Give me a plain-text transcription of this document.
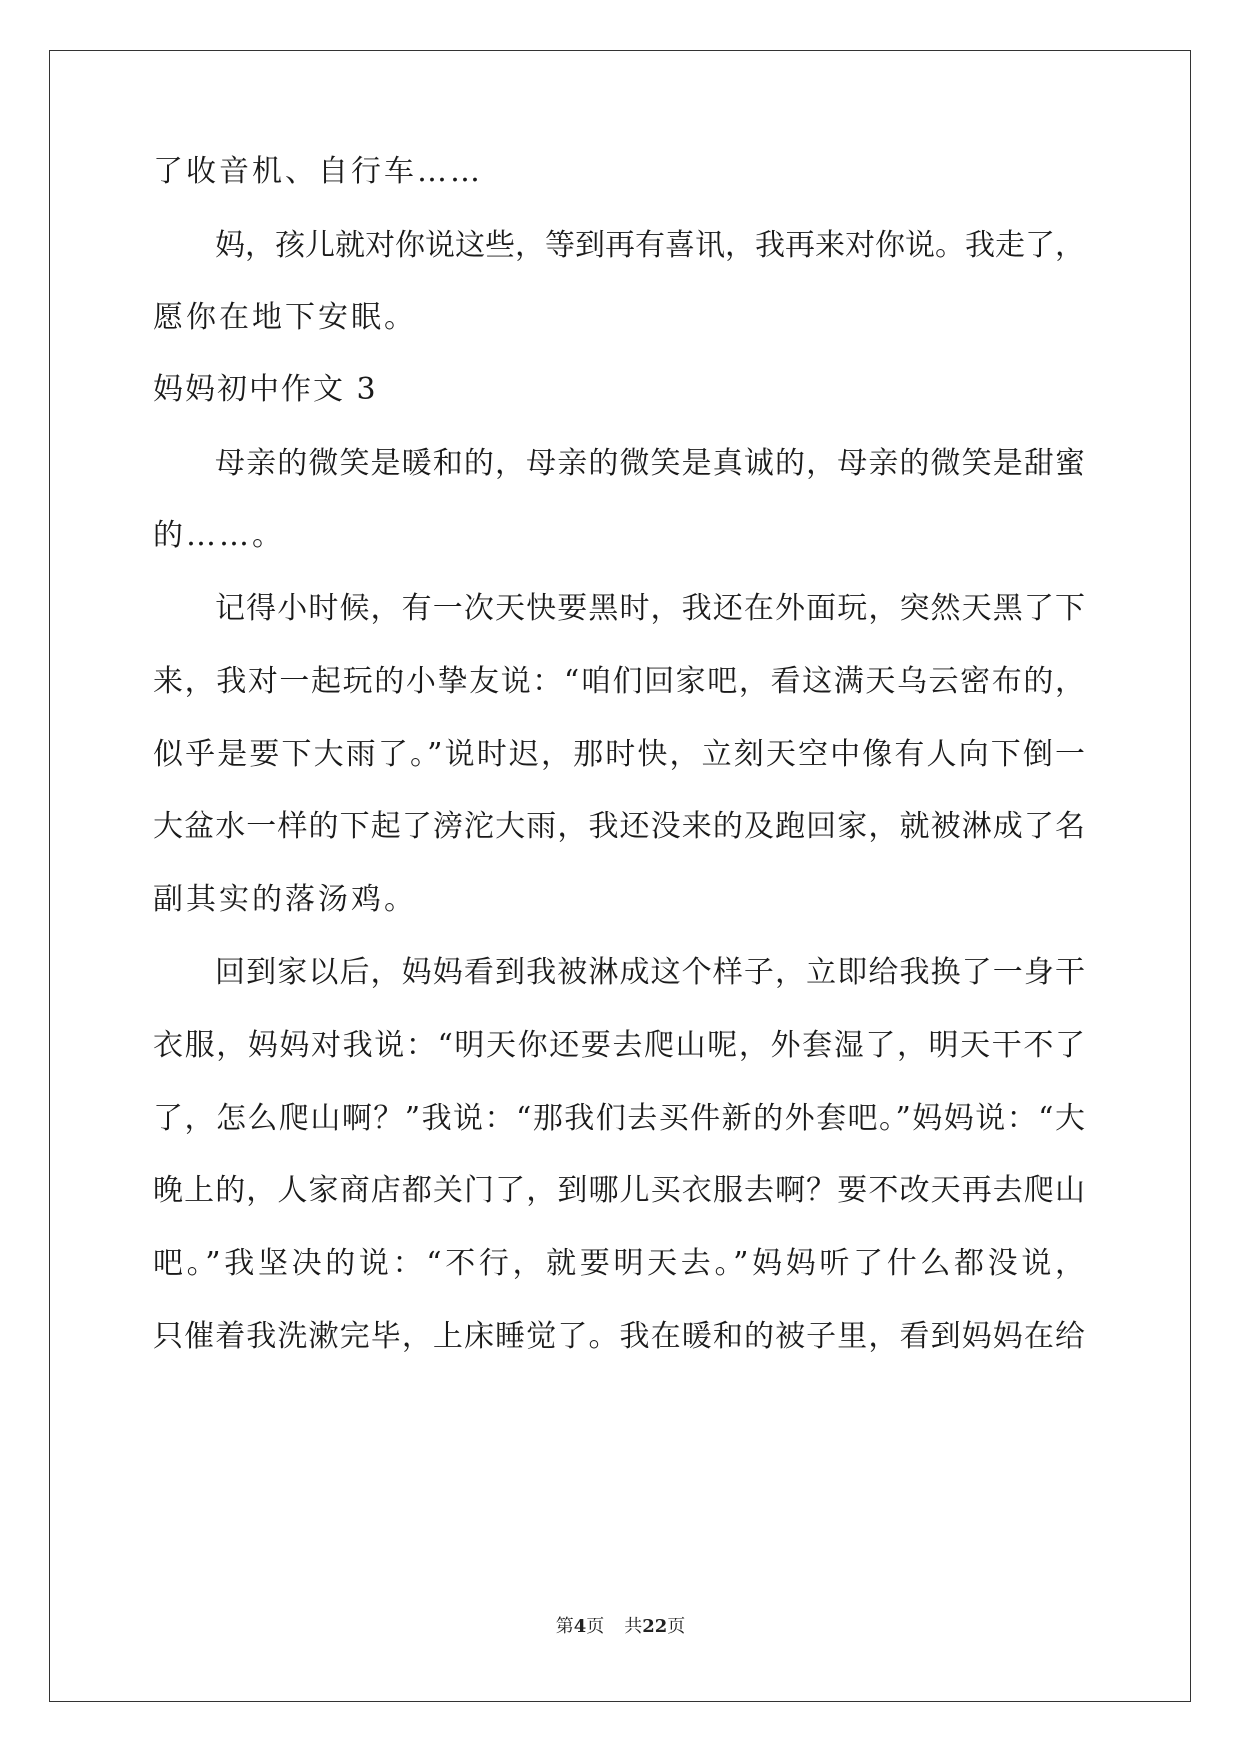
了收音机、自行车……
妈，孩儿就对你说这些，等到再有喜讯，我再来对你说。我走了，
愿你在地下安眠。
妈妈初中作文 3
母亲的微笑是暖和的，母亲的微笑是真诚的，母亲的微笑是甜蜜
的……。
记得小时候，有一次天快要黑时，我还在外面玩，突然天黑了下
来，我对一起玩的小挚友说：“咱们回家吧，看这满天乌云密布的，
似乎是要下大雨了。”说时迟，那时快，立刻天空中像有人向下倒一
大盆水一样的下起了滂沱大雨，我还没来的及跑回家，就被淋成了名
副其实的落汤鸡。
回到家以后，妈妈看到我被淋成这个样子，立即给我换了一身干
衣服，妈妈对我说：“明天你还要去爬山呢，外套湿了，明天干不了
了，怎么爬山啊？”我说：“那我们去买件新的外套吧。”妈妈说：“大
晚上的，人家商店都关门了，到哪儿买衣服去啊？要不改天再去爬山
吧。”我坚决的说：“不行，就要明天去。”妈妈听了什么都没说，
只催着我洗漱完毕，上床睡觉了。我在暖和的被子里，看到妈妈在给
第4页 共22页
